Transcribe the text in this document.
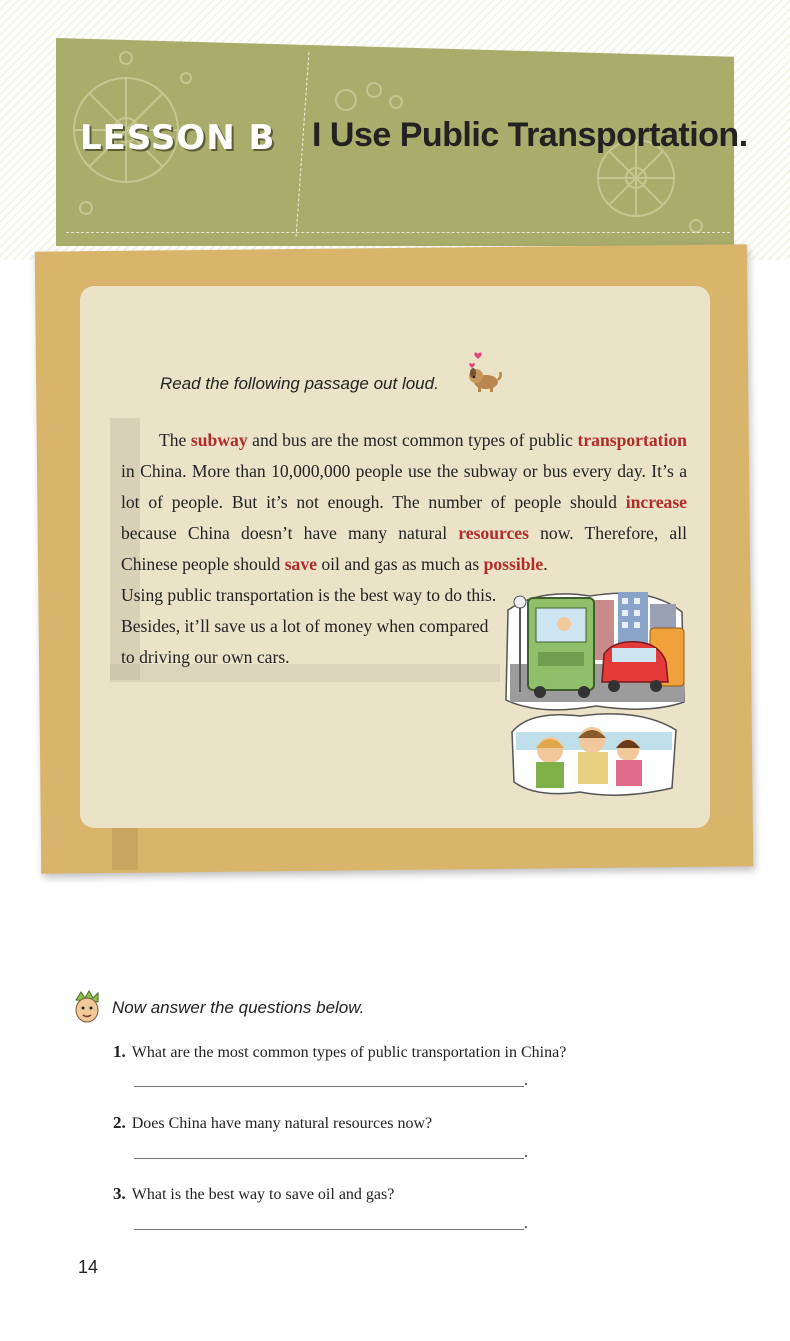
LESSON B I Use Public Transportation.
Read the following passage out loud.

The subway and bus are the most common types of public transportation in China. More than 10,000,000 people use the subway or bus every day. It’s a lot of people. But it’s not enough. The number of people should increase because China doesn’t have many natural resources now. Therefore, all Chinese people should save oil and gas as much as possible.

Using public transportation is the best way to do this. Besides, it’ll save us a lot of money when compared to driving our own cars.

Now answer the questions below.
1. What are the most common types of public transportation in China?
.
2. Does China have many natural resources now?
.
3. What is the best way to save oil and gas?
.
14
